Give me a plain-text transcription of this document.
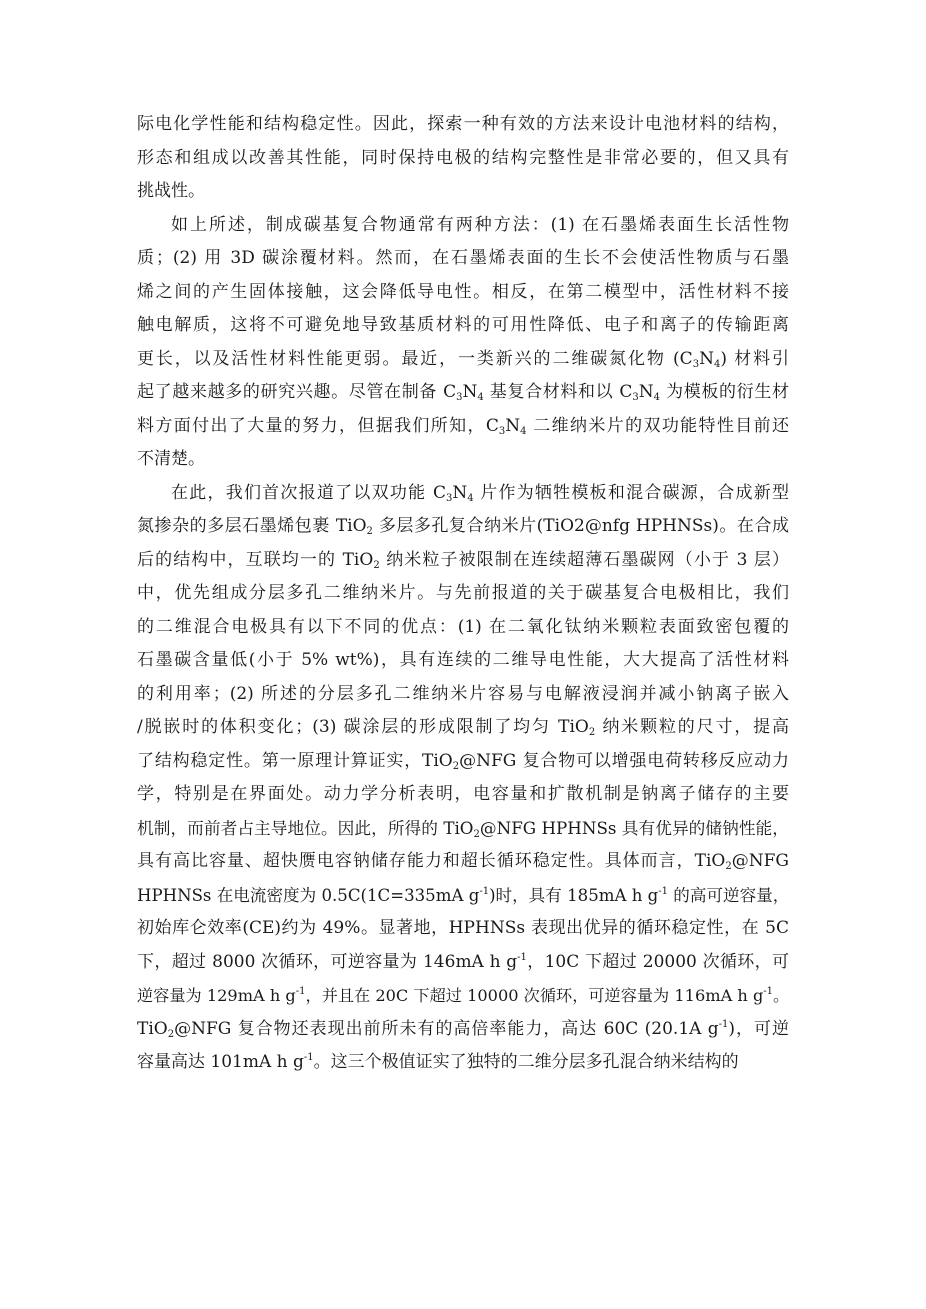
际电化学性能和结构稳定性。因此，探索一种有效的方法来设计电池材料的结构，
形态和组成以改善其性能，同时保持电极的结构完整性是非常必要的，但又具有
挑战性。
如上所述，制成碳基复合物通常有两种方法：(1) 在石墨烯表面生长活性物
质；(2) 用 3D 碳涂覆材料。然而，在石墨烯表面的生长不会使活性物质与石墨
烯之间的产生固体接触，这会降低导电性。相反，在第二模型中，活性材料不接
触电解质，这将不可避免地导致基质材料的可用性降低、电子和离子的传输距离
更长，以及活性材料性能更弱。最近，一类新兴的二维碳氮化物 $(C_3N_4)$ 材料引
起了越来越多的研究兴趣。尽管在制备 $C_3N_4$ 基复合材料和以 $C_3N_4$ 为模板的衍生材
料方面付出了大量的努力，但据我们所知，$C_3N_4$ 二维纳米片的双功能特性目前还
不清楚。
在此，我们首次报道了以双功能 $C_3N_4$ 片作为牺牲模板和混合碳源，合成新型
氮掺杂的多层石墨烯包裹 TiO$_2$ 多层多孔复合纳米片(TiO2@nfg HPHNSs)。在合成
后的结构中，互联均一的 TiO$_2$ 纳米粒子被限制在连续超薄石墨碳网（小于 3 层）
中，优先组成分层多孔二维纳米片。与先前报道的关于碳基复合电极相比，我们
的二维混合电极具有以下不同的优点：(1) 在二氧化钛纳米颗粒表面致密包覆的
石墨碳含量低(小于 5% wt%)，具有连续的二维导电性能，大大提高了活性材料
的利用率；(2) 所述的分层多孔二维纳米片容易与电解液浸润并减小钠离子嵌入
/脱嵌时的体积变化；(3) 碳涂层的形成限制了均匀 TiO$_2$ 纳米颗粒的尺寸，提高
了结构稳定性。第一原理计算证实，TiO$_2$@NFG 复合物可以增强电荷转移反应动力
学，特别是在界面处。动力学分析表明，电容量和扩散机制是钠离子储存的主要
机制，而前者占主导地位。因此，所得的 TiO$_2$@NFG HPHNSs 具有优异的储钠性能，
具有高比容量、超快赝电容钠储存能力和超长循环稳定性。具体而言，TiO$_2$@NFG
HPHNSs 在电流密度为 0.5C(1C=335mA $g^{-1}$)时，具有 185mA h $g^{-1}$ 的高可逆容量，
初始库仑效率(CE)约为 49%。显著地，HPHNSs 表现出优异的循环稳定性，在 5C
下，超过 8000 次循环，可逆容量为 146mA h $g^{-1}$，10C 下超过 20000 次循环，可
逆容量为 129mA h $g^{-1}$，并且在 20C 下超过 10000 次循环，可逆容量为 116mA h $g^{-1}$。
TiO$_2$@NFG 复合物还表现出前所未有的高倍率能力，高达 60C (20.1A $g^{-1}$)，可逆
容量高达 101mA h $g^{-1}$。这三个极值证实了独特的二维分层多孔混合纳米结构的
